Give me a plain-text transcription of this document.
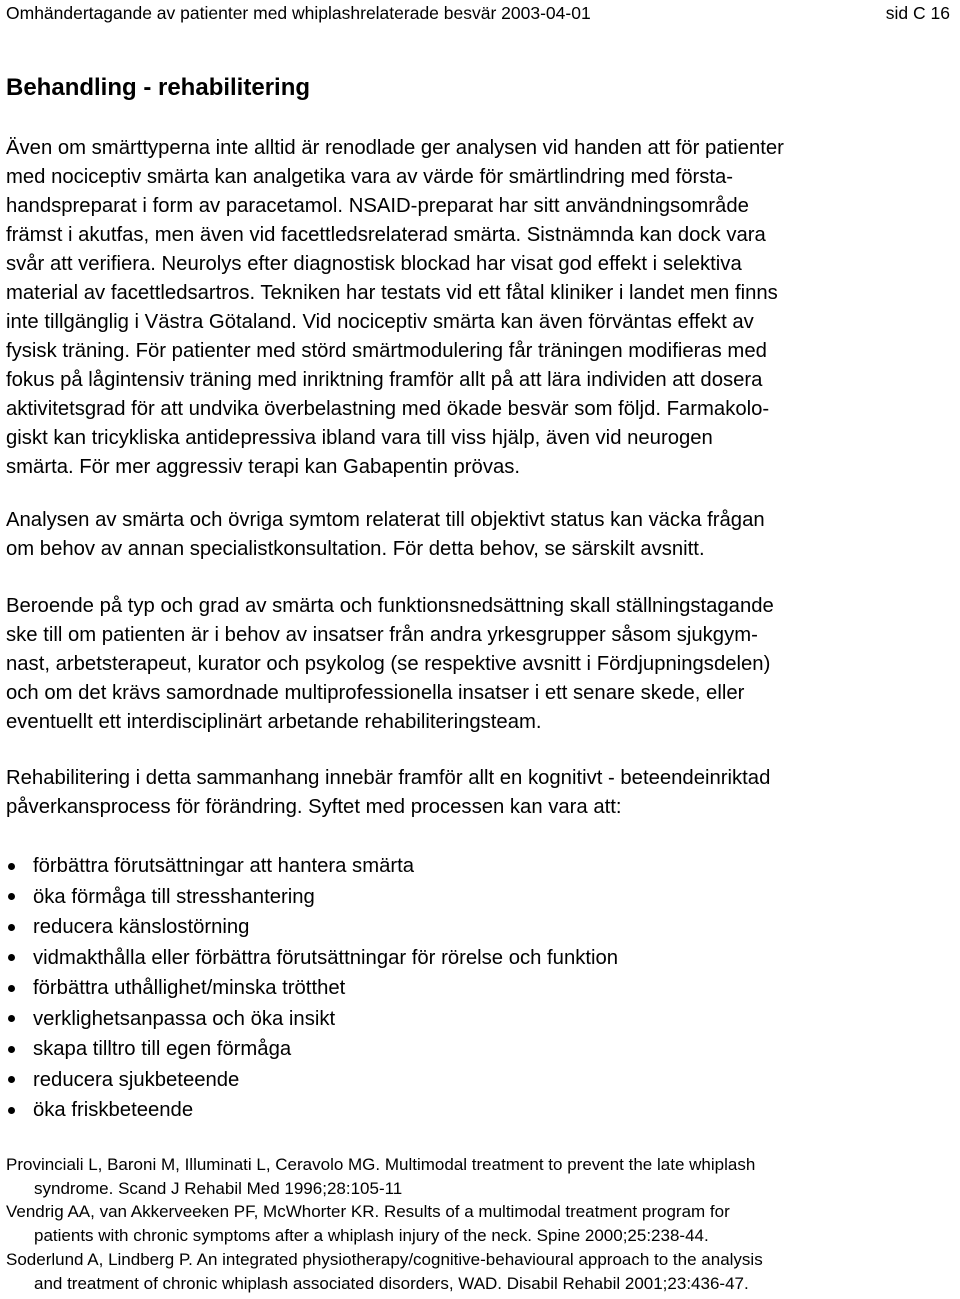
Omhändertagande av patienter med whiplashrelaterade besvär 2003-04-01	sid C 16
Behandling - rehabilitering
Även om smärttyperna inte alltid är renodlade ger analysen vid handen att för patienter
med nociceptiv smärta kan analgetika vara av värde för smärtlindring med första-
handspreparat i form av paracetamol. NSAID-preparat har sitt användningsområde
främst i akutfas, men även vid facettledsrelaterad smärta. Sistnämnda kan dock vara
svår att verifiera. Neurolys efter diagnostisk blockad har visat god effekt i selektiva
material av facettledsartros. Tekniken har testats vid ett fåtal kliniker i landet men finns
inte tillgänglig i Västra Götaland. Vid nociceptiv smärta kan även förväntas effekt av
fysisk träning. För patienter med störd smärtmodulering får träningen modifieras med
fokus på lågintensiv träning med inriktning framför allt på att lära individen att dosera
aktivitetsgrad för att undvika överbelastning med ökade besvär som följd. Farmakolo-
giskt kan tricykliska antidepressiva ibland vara till viss hjälp, även vid neurogen
smärta. För mer aggressiv terapi kan Gabapentin prövas.
Analysen av smärta och övriga symtom relaterat till objektivt status kan väcka frågan
om behov av annan specialistkonsultation. För detta behov, se särskilt avsnitt.
Beroende på typ och grad av smärta och funktionsnedsättning skall ställningstagande
ske till om patienten är i behov av insatser från andra yrkesgrupper såsom sjukgym-
nast, arbetsterapeut, kurator och psykolog (se respektive avsnitt i Fördjupningsdelen)
och om det krävs samordnade multiprofessionella insatser i ett senare skede, eller
eventuellt ett interdisciplinärt arbetande rehabiliteringsteam.
Rehabilitering i detta sammanhang innebär framför allt en kognitivt - beteendeinriktad
påverkansprocess för förändring. Syftet med processen kan vara att:
förbättra förutsättningar att hantera smärta
öka förmåga till stresshantering
reducera känslostörning
vidmakthålla eller förbättra förutsättningar för rörelse och funktion
förbättra uthållighet/minska trötthet
verklighetsanpassa och öka insikt
skapa tilltro till egen förmåga
reducera sjukbeteende
öka friskbeteende
Provinciali L, Baroni M, Illuminati L, Ceravolo MG. Multimodal treatment to prevent the late whiplash
syndrome. Scand J Rehabil Med 1996;28:105-11
Vendrig AA, van Akkerveeken PF, McWhorter KR. Results of a multimodal treatment program for
patients with chronic symptoms after a whiplash injury of the neck. Spine 2000;25:238-44.
Soderlund A, Lindberg P. An integrated physiotherapy/cognitive-behavioural approach to the analysis
and treatment of chronic whiplash associated disorders, WAD. Disabil Rehabil 2001;23:436-47.
